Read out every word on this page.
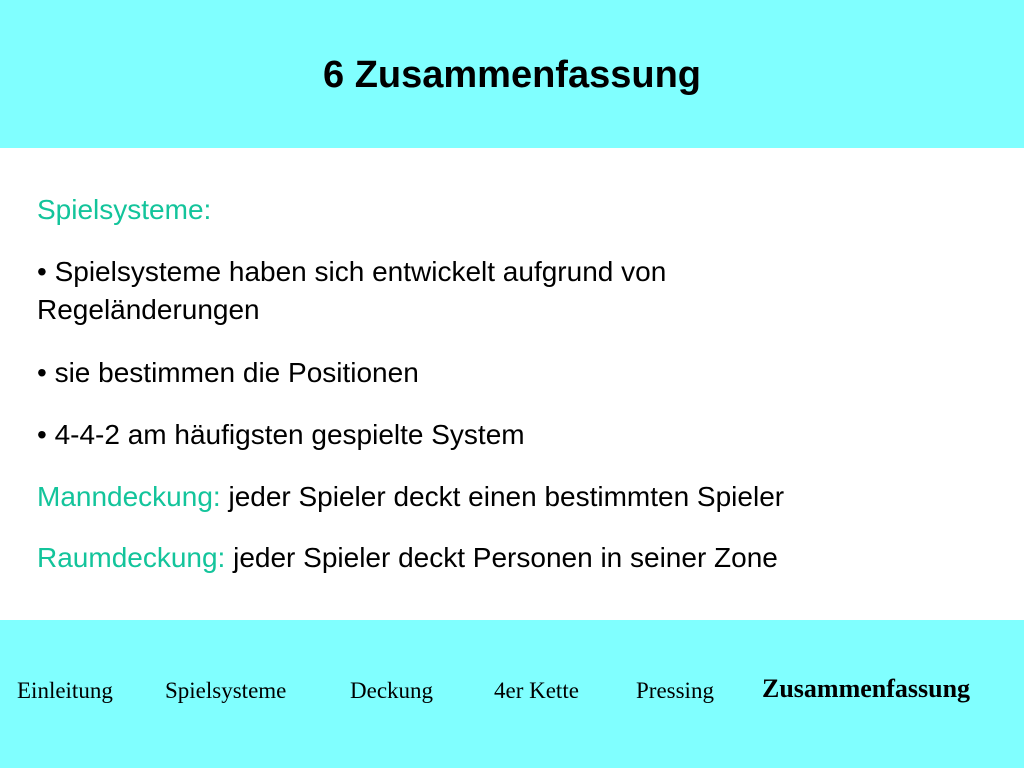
6 Zusammenfassung
Spielsysteme:
• Spielsysteme haben sich entwickelt aufgrund von
Regeländerungen
• sie bestimmen die Positionen
• 4-4-2 am häufigsten gespielte System
Manndeckung: jeder Spieler deckt einen bestimmten Spieler
Raumdeckung: jeder Spieler deckt Personen in seiner Zone
Einleitung Spielsysteme	Deckung	4er Kette Pressing Zusammenfassung
